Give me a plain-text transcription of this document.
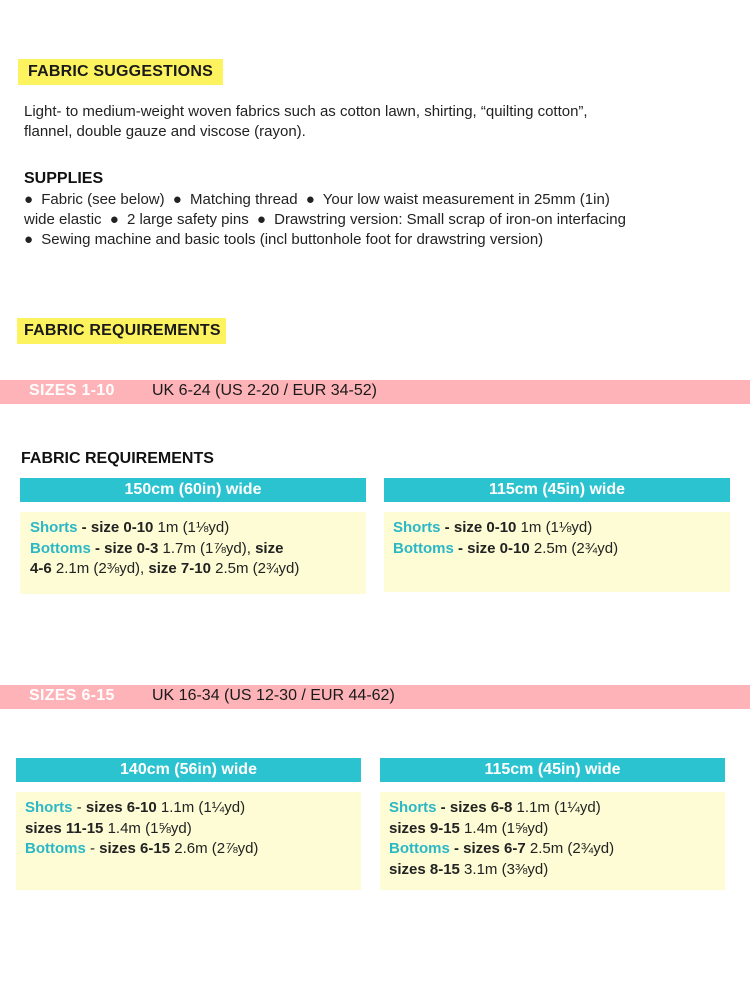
FABRIC SUGGESTIONS
Light- to medium-weight woven fabrics such as cotton lawn, shirting, “quilting cotton”,
flannel, double gauze and viscose (rayon).
SUPPLIES
● Fabric (see below) ● Matching thread ● Your low waist measurement in 25mm (1in)
wide elastic ● 2 large safety pins ● Drawstring version: Small scrap of iron-on interfacing
● Sewing machine and basic tools (incl buttonhole foot for drawstring version)
FABRIC REQUIREMENTS
SIZES 1-10 UK 6-24 (US 2-20 / EUR 34-52)
FABRIC REQUIREMENTS
150cm (60in) wide
Shorts - size 0-10 1m (1⅛yd)
Bottoms - size 0-3 1.7m (1⅞yd), size
4-6 2.1m (2⅜yd), size 7-10 2.5m (2¾yd)
115cm (45in) wide
Shorts - size 0-10 1m (1⅛yd)
Bottoms - size 0-10 2.5m (2¾yd)
SIZES 6-15 UK 16-34 (US 12-30 / EUR 44-62)
140cm (56in) wide
Shorts - sizes 6-10 1.1m (1¼yd)
sizes 11-15 1.4m (1⅝yd)
Bottoms - sizes 6-15 2.6m (2⅞yd)
115cm (45in) wide
Shorts - sizes 6-8 1.1m (1¼yd)
sizes 9-15 1.4m (1⅝yd)
Bottoms - sizes 6-7 2.5m (2¾yd)
sizes 8-15 3.1m (3⅜yd)
